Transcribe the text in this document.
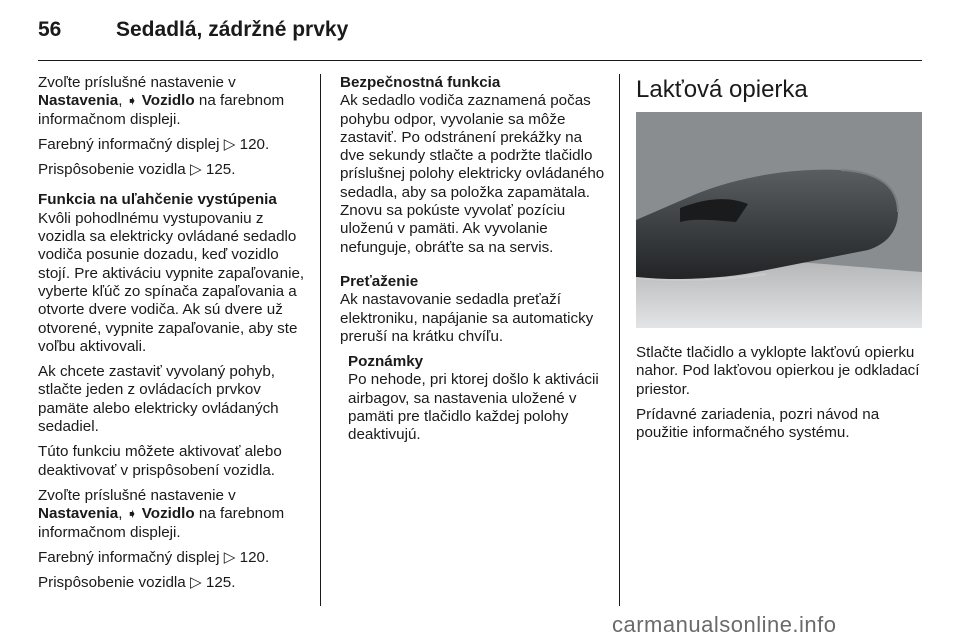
56	Sedadlá, zádržné prvky

Zvoľte príslušné nastavenie v
Nastavenia, ➧ Vozidlo na farebnom informačnom displeji.

Farebný informačný displej ▷ 120.

Prispôsobenie vozidla ▷ 125.

Funkcia na uľahčenie vystúpenia

Kvôli pohodlnému vystupovaniu z vozidla sa elektricky ovládané sedadlo vodiča posunie dozadu, keď vozidlo stojí. Pre aktiváciu vypnite zapaľovanie, vyberte kľúč zo spínača zapaľovania a otvorte dvere vodiča. Ak sú dvere už otvorené, vypnite zapaľovanie, aby ste voľbu aktivovali.

Ak chcete zastaviť vyvolaný pohyb, stlačte jeden z ovládacích prvkov pamäte alebo elektricky ovládaných sedadiel.

Túto funkciu môžete aktivovať alebo deaktivovať v prispôsobení vozidla.

Zvoľte príslušné nastavenie v
Nastavenia, ➧ Vozidlo na farebnom informačnom displeji.

Farebný informačný displej ▷ 120.

Prispôsobenie vozidla ▷ 125.

Bezpečnostná funkcia

Ak sedadlo vodiča zaznamená počas pohybu odpor, vyvolanie sa môže zastaviť. Po odstránení prekážky na dve sekundy stlačte a podržte tlačidlo príslušnej polohy elektricky ovládaného sedadla, aby sa položka zapamätala. Znovu sa pokúste vyvolať pozíciu uloženú v pamäti. Ak vyvolanie nefunguje, obráťte sa na servis.

Preťaženie

Ak nastavovanie sedadla preťaží elektroniku, napájanie sa automaticky preruší na krátku chvíľu.

Poznámky
Po nehode, pri ktorej došlo k aktivácii airbagov, sa nastavenia uložené v pamäti pre tlačidlo každej polohy deaktivujú.
Lakťová opierka

Stlačte tlačidlo a vyklopte lakťovú opierku nahor. Pod lakťovou opierkou je odkladací priestor.

Prídavné zariadenia, pozri návod na použitie informačného systému.

carmanualsonline.info
